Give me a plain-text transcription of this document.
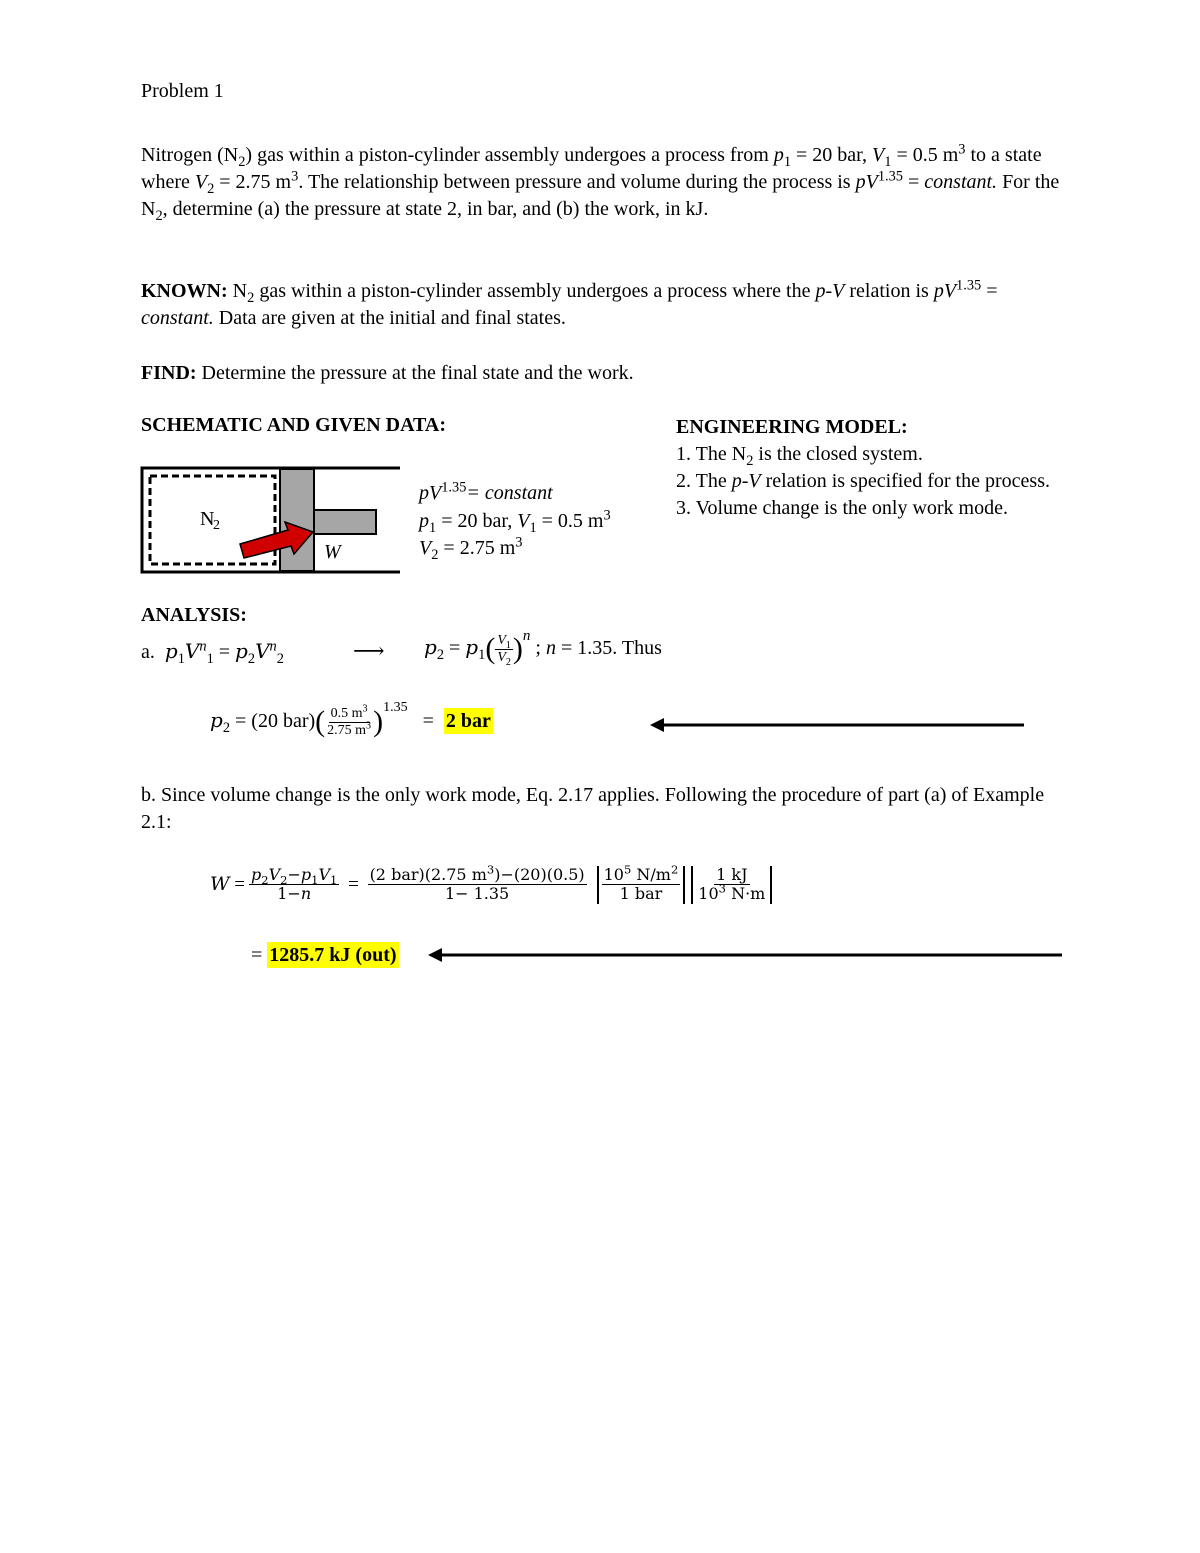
Problem 1
Nitrogen $(N_2)$ gas within a piston-cylinder assembly undergoes a process from $p_1 = 20$ bar, $V_1 = 0.5$ $m^3$ to a state where $V_2 = 2.75$ $m^3$. The relationship between pressure and volume during the process is $pV^{1.35}$ = constant. For the $N_2$, determine (a) the pressure at state 2, in bar, and (b) the work, in kJ.
KNOWN: $N_2$ gas within a piston-cylinder assembly undergoes a process where the p-V relation is $pV^{1.35}$ = constant. Data are given at the initial and final states.
FIND: Determine the pressure at the final state and the work.
SCHEMATIC AND GIVEN DATA:
N
2
W
$pV^{1.35}=$ constant
$p_1 = 20$ bar, $V_1 = 0.5$ $m^3$
$V_2 = 2.75$ $m^3$
ENGINEERING MODEL:
1. The $N_2$ is the closed system.
2. The p-V relation is specified for the process.
3. Volume change is the only work mode.
ANALYSIS:
a. $p_1V^n_1 = p_2V^n_2$	⟶ $p_2 = p_1( \frac{V_1}{V_2} )^n$ ; n = 1.35. Thus
$p_2 = (20$ $bar)( \frac{0.5 m^3}{2.75 m^3} )^{1.35} = 2$ bar
b. Since volume change is the only work mode, Eq. 2.17 applies. Following the procedure of part (a) of Example 2.1:
W
= $\frac{p_2V_2-p_1V_1}{1-n}$
=
$\frac{(2 bar)(2.75 m^3)-(20)(0.5)}{1- 1.35} \frac{10^5 N/m^2}{\text{1 bar}} \frac{1 kJ}{10^3 N\cdot m}$
= 1285.7 kJ (out)
